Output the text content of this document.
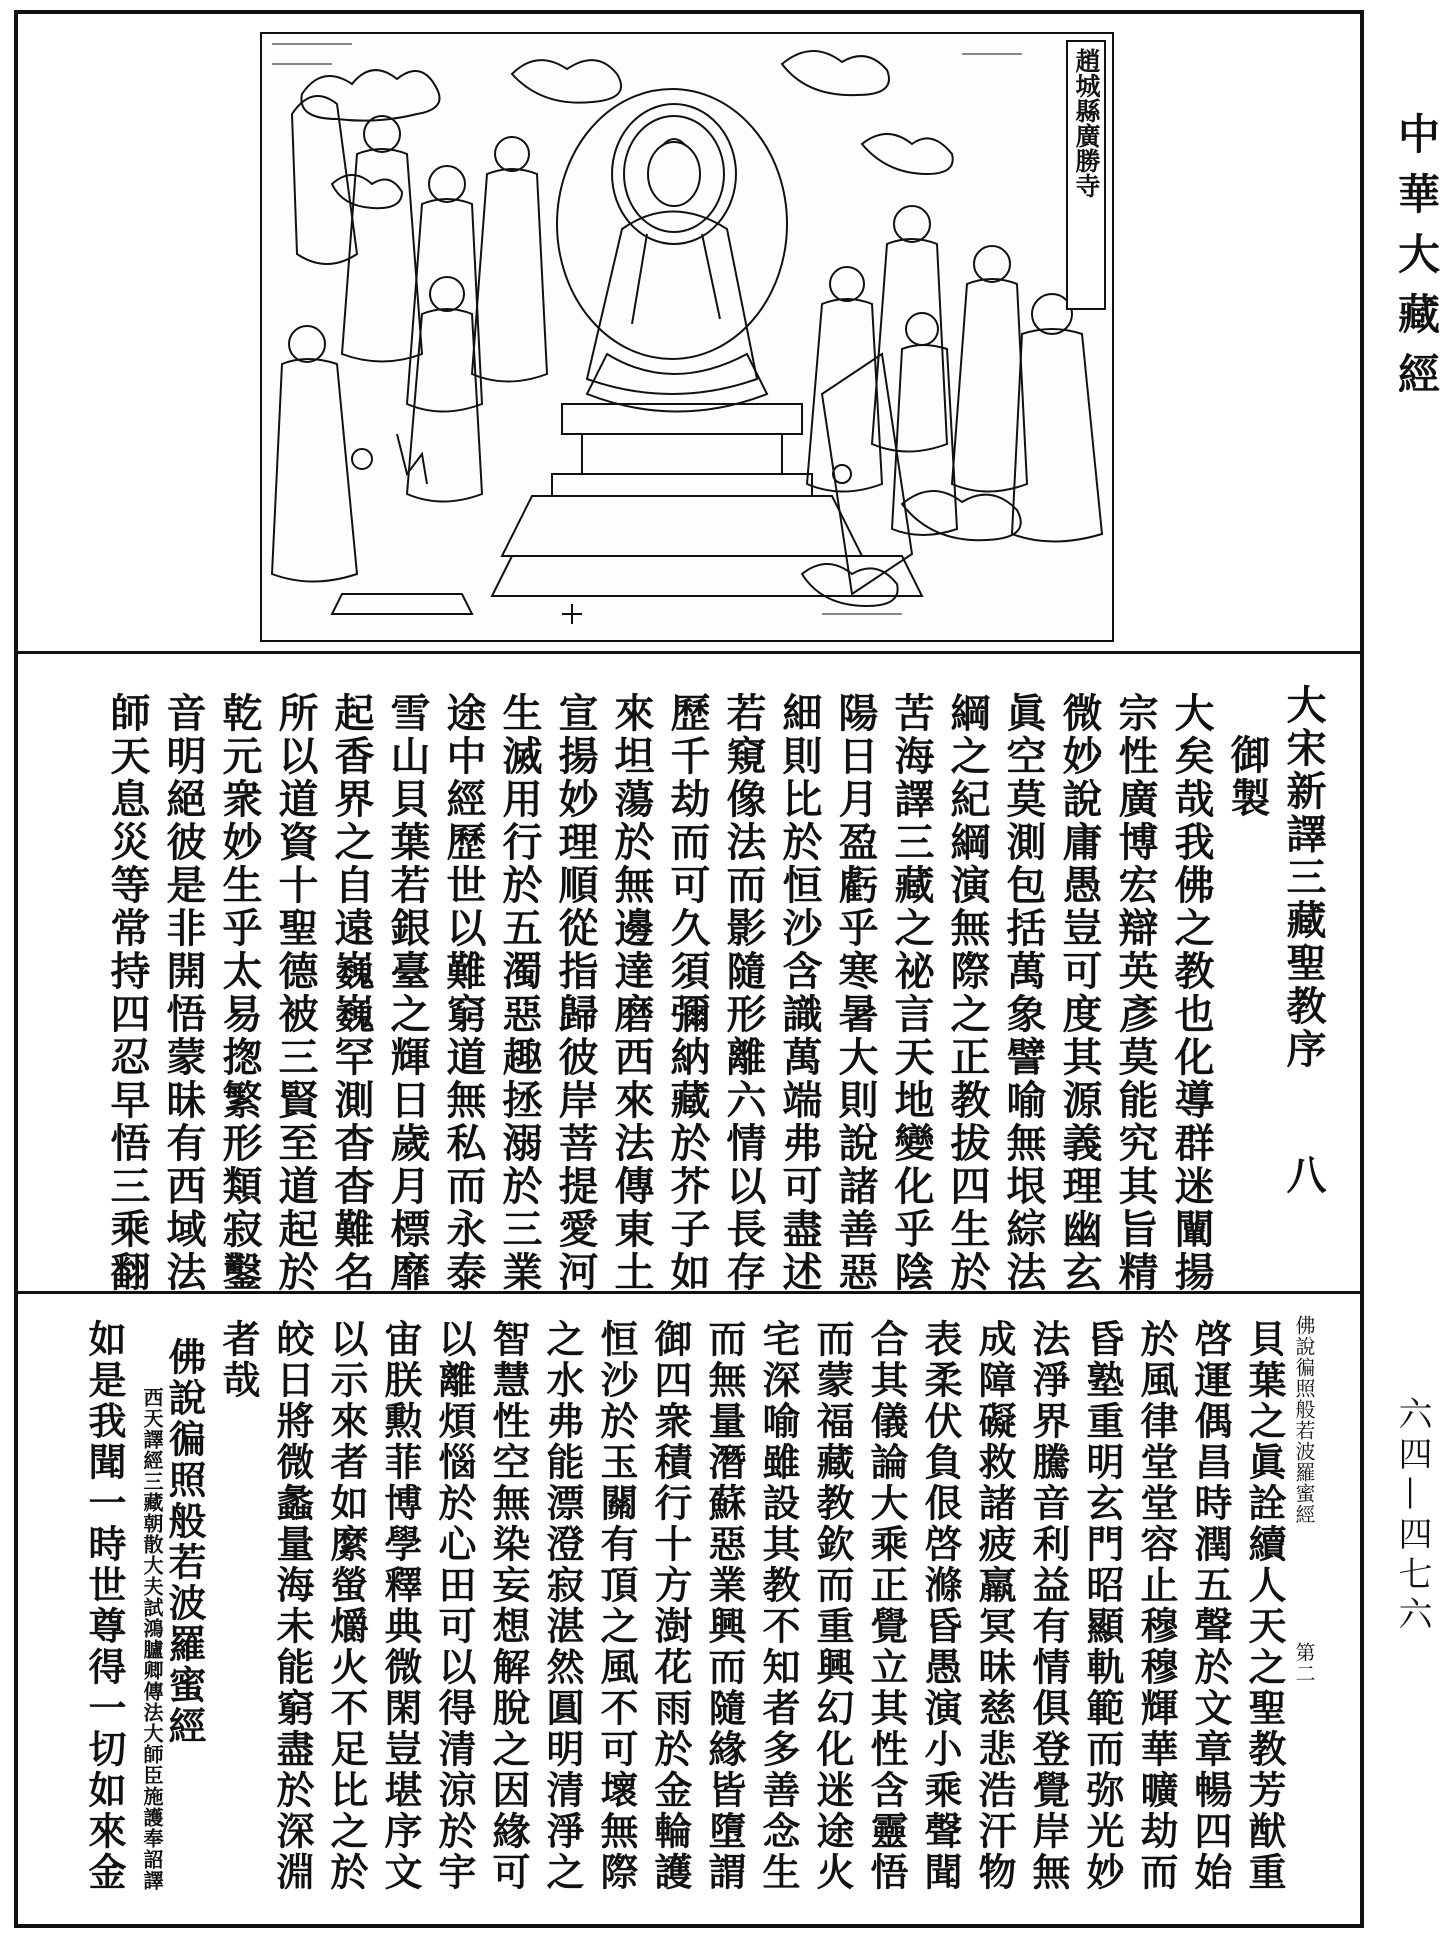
趙城縣廣勝寺
大宋新譯三藏聖教序
八
御製
大矣哉我佛之教也化導群迷闡揚
宗性廣博宏辯英彥莫能究其旨精
微妙說庸愚豈可度其源義理幽玄
眞空莫測包括萬象譬喻無垠綜法
綱之紀綱演無際之正教拔四生於
苦海譯三藏之祕言天地變化乎陰
陽日月盈虧乎寒暑大則說諸善惡
細則比於恒沙含識萬端弗可盡述
若窺像法而影隨形離六情以長存
歷千劫而可久須彌納藏於芥子如
來坦蕩於無邊達磨西來法傳東土
宣揚妙理順從指歸彼岸菩提愛河
生滅用行於五濁惡趣拯溺於三業
途中經歷世以難窮道無私而永泰
雪山貝葉若銀臺之輝日歲月標靡
起香界之自遠巍巍罕測杳杳難名
所以道資十聖德被三賢至道起於
乾元衆妙生乎太易揔繁形類寂鑿
音明絕彼是非開悟蒙昧有西域法
師天息災等常持四忍早悟三乘翻
佛說徧照般若波羅蜜經
第二
貝葉之眞詮續人天之聖教芳猷重
啓運偶昌時潤五聲於文章暢四始
於風律堂堂容止穆穆輝華曠劫而
昏塾重明玄門昭顯軌範而弥光妙
法淨界騰音利益有情俱登覺岸無
成障礙救諸疲羸冥昧慈悲浩汗物
表柔伏負佷啓滌昏愚演小乘聲聞
合其儀論大乘正覺立其性含靈悟
而蒙福藏教欽而重興幻化迷途火
宅深喻雖設其教不知者多善念生
而無量潛蘇惡業興而隨緣皆墮謂
御四衆積行十方澍花雨於金輪護
恒沙於玉關有頂之風不可壞無際
之水弗能漂澄寂湛然圓明清淨之
智慧性空無染妄想解脫之因緣可
以離煩惱於心田可以得清涼於宇
宙朕勲菲博學釋典微閑豈堪序文
以示來者如縻螢爝火不足比之於
皎日將微蠡量海未能窮盡於深淵
者哉
佛說徧照般若波羅蜜經
西天譯經三藏朝散大夫試鴻臚卿傳法大師臣施護奉詔譯
如是我聞一時世尊得一切如來金
中華大藏經
六四—四七六
